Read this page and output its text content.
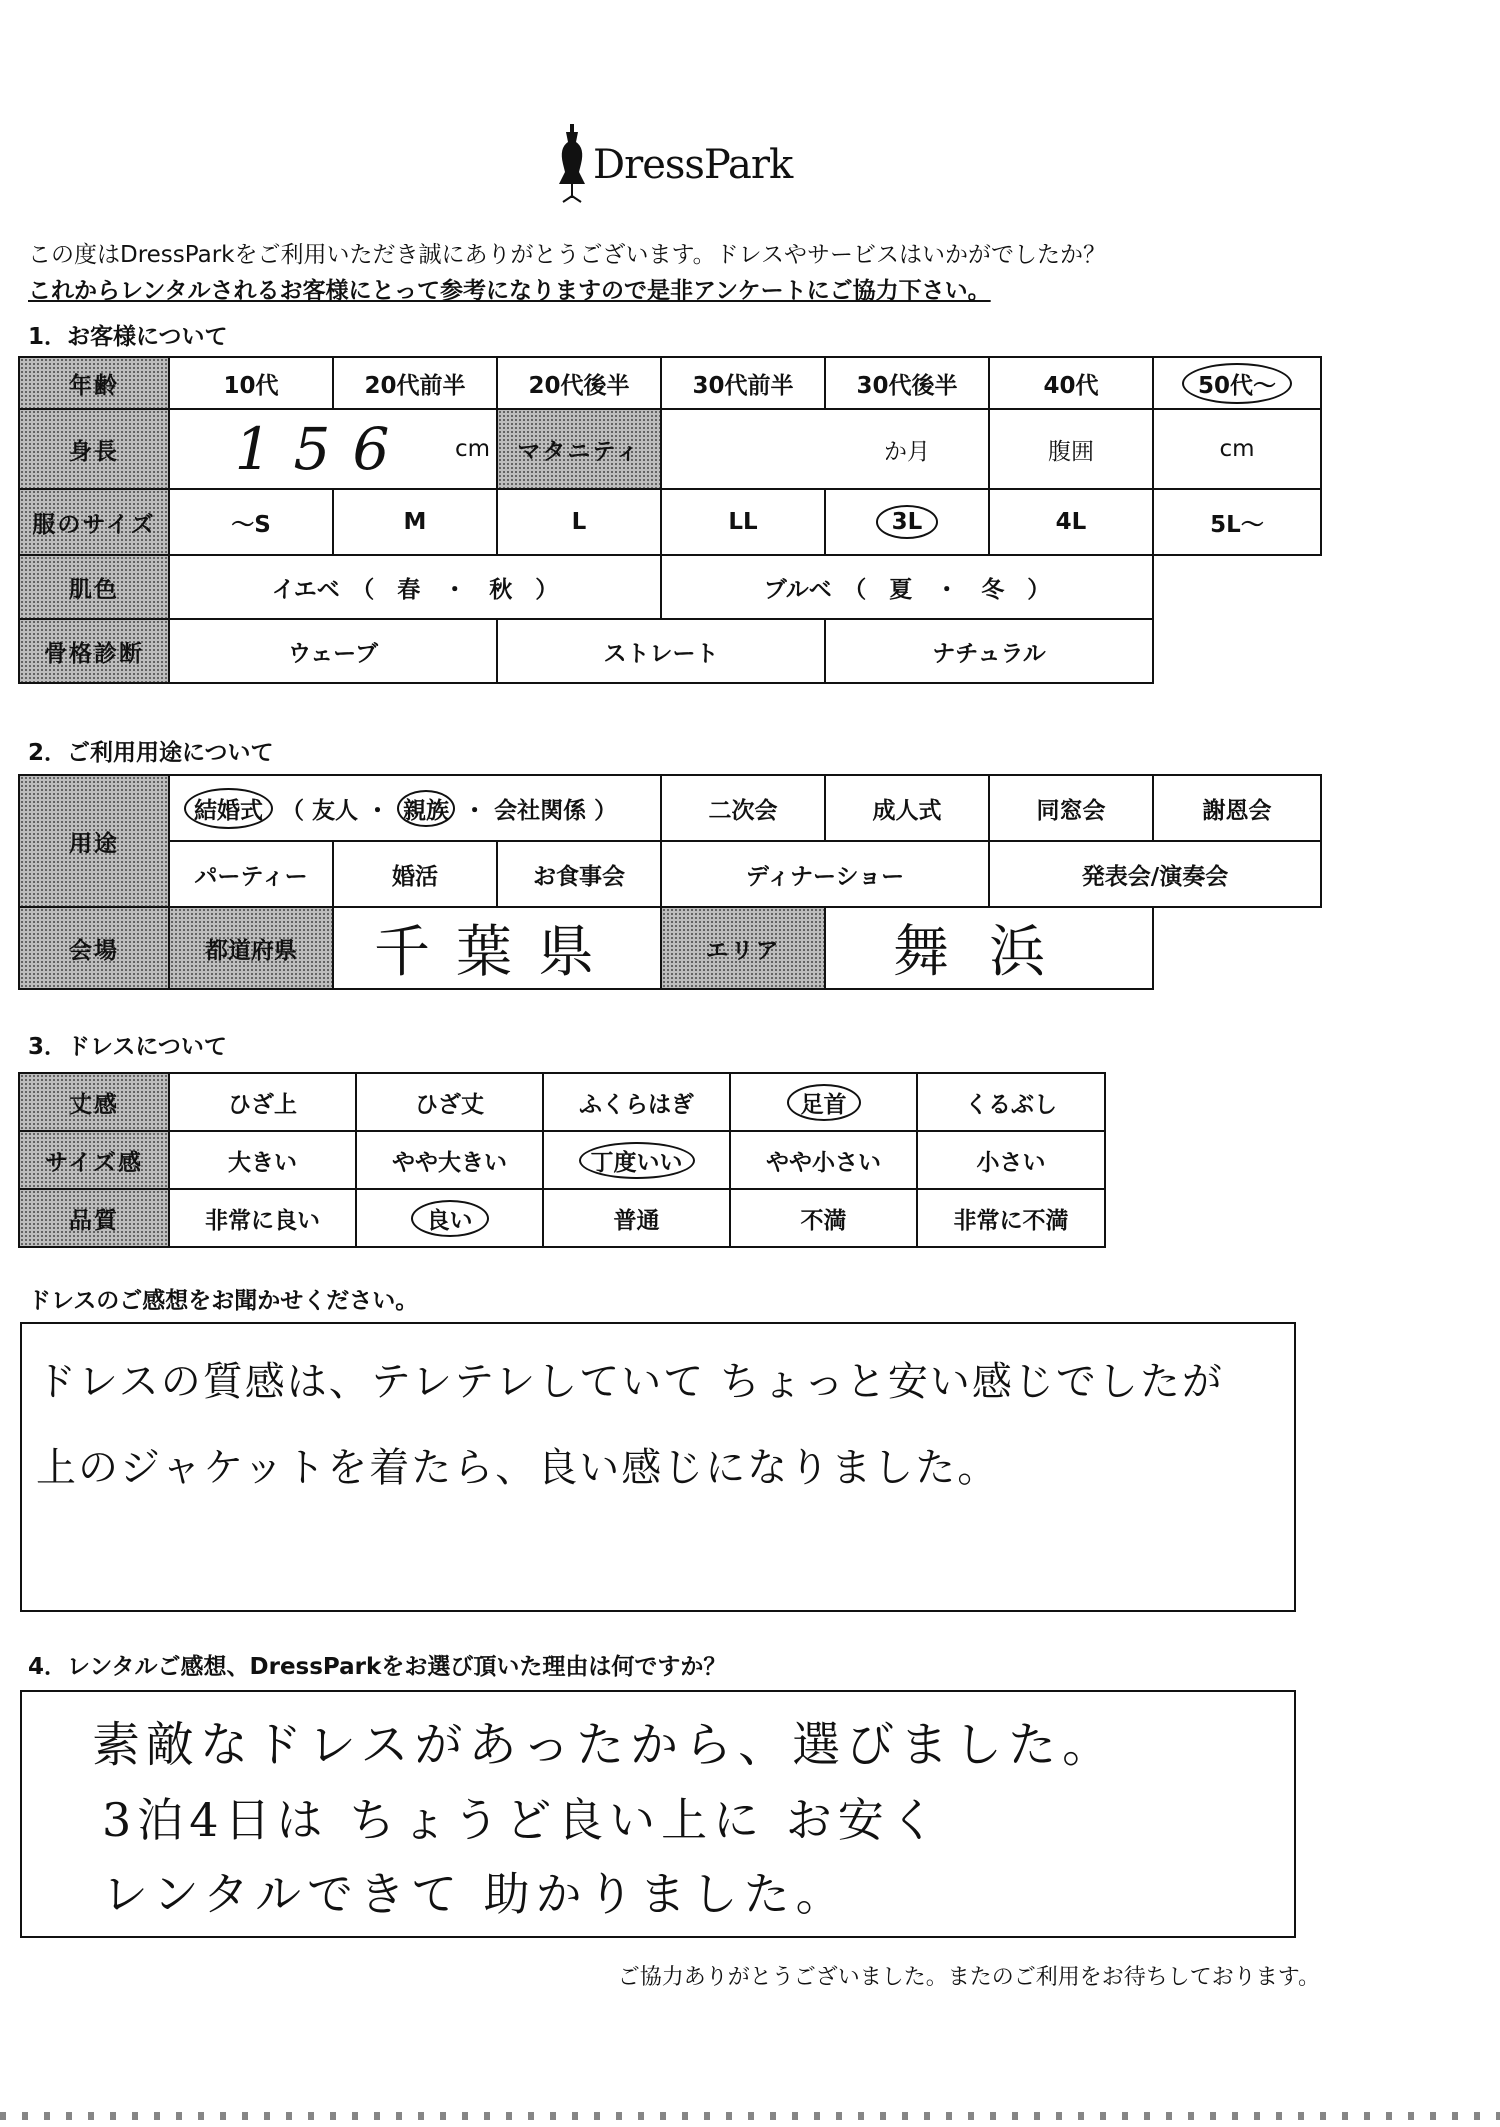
DressPark
この度はDressParkをご利用いただき誠にありがとうございます。ドレスやサービスはいかがでしたか？
これからレンタルされるお客様にとって参考になりますので是非アンケートにご協力下さい。
1．お客様について
年齢	10代	20代前半	20代後半	30代前半	30代後半	40代	50代～
身長	156 cm		マタニティ	か月		腹囲	cm
服のサイズ	～S	M	L	LL	3L	4L	5L～
肌色	イエベ　（　春　・　秋　）			ブルベ　（　夏　・　冬　）			
骨格診断	ウェーブ		ストレート		ナチュラル		
2．ご利用用途について
用途	結婚式 （ 友人 ・ 親族 ・ 会社関係 ）			二次会	成人式	同窓会	謝恩会
	パーティー	婚活	お食事会	ディナーショー		発表会/演奏会	
会場	都道府県	千葉県		エリア	舞浜		
3．ドレスについて
丈感	ひざ上	ひざ丈	ふくらはぎ	足首	くるぶし
サイズ感	大きい	やや大きい	丁度いい	やや小さい	小さい
品質	非常に良い	良い	普通	不満	非常に不満
ドレスのご感想をお聞かせください。
ドレスの質感は、テレテレしていて ちょっと安い感じでしたが
上のジャケットを着たら、良い感じになりました。
4．レンタルご感想、DressParkをお選び頂いた理由は何ですか？
素敵なドレスがあったから、選びました。
3泊4日は ちょうど良い上に お安く
レンタルできて 助かりました。
ご協力ありがとうございました。またのご利用をお待ちしております。
